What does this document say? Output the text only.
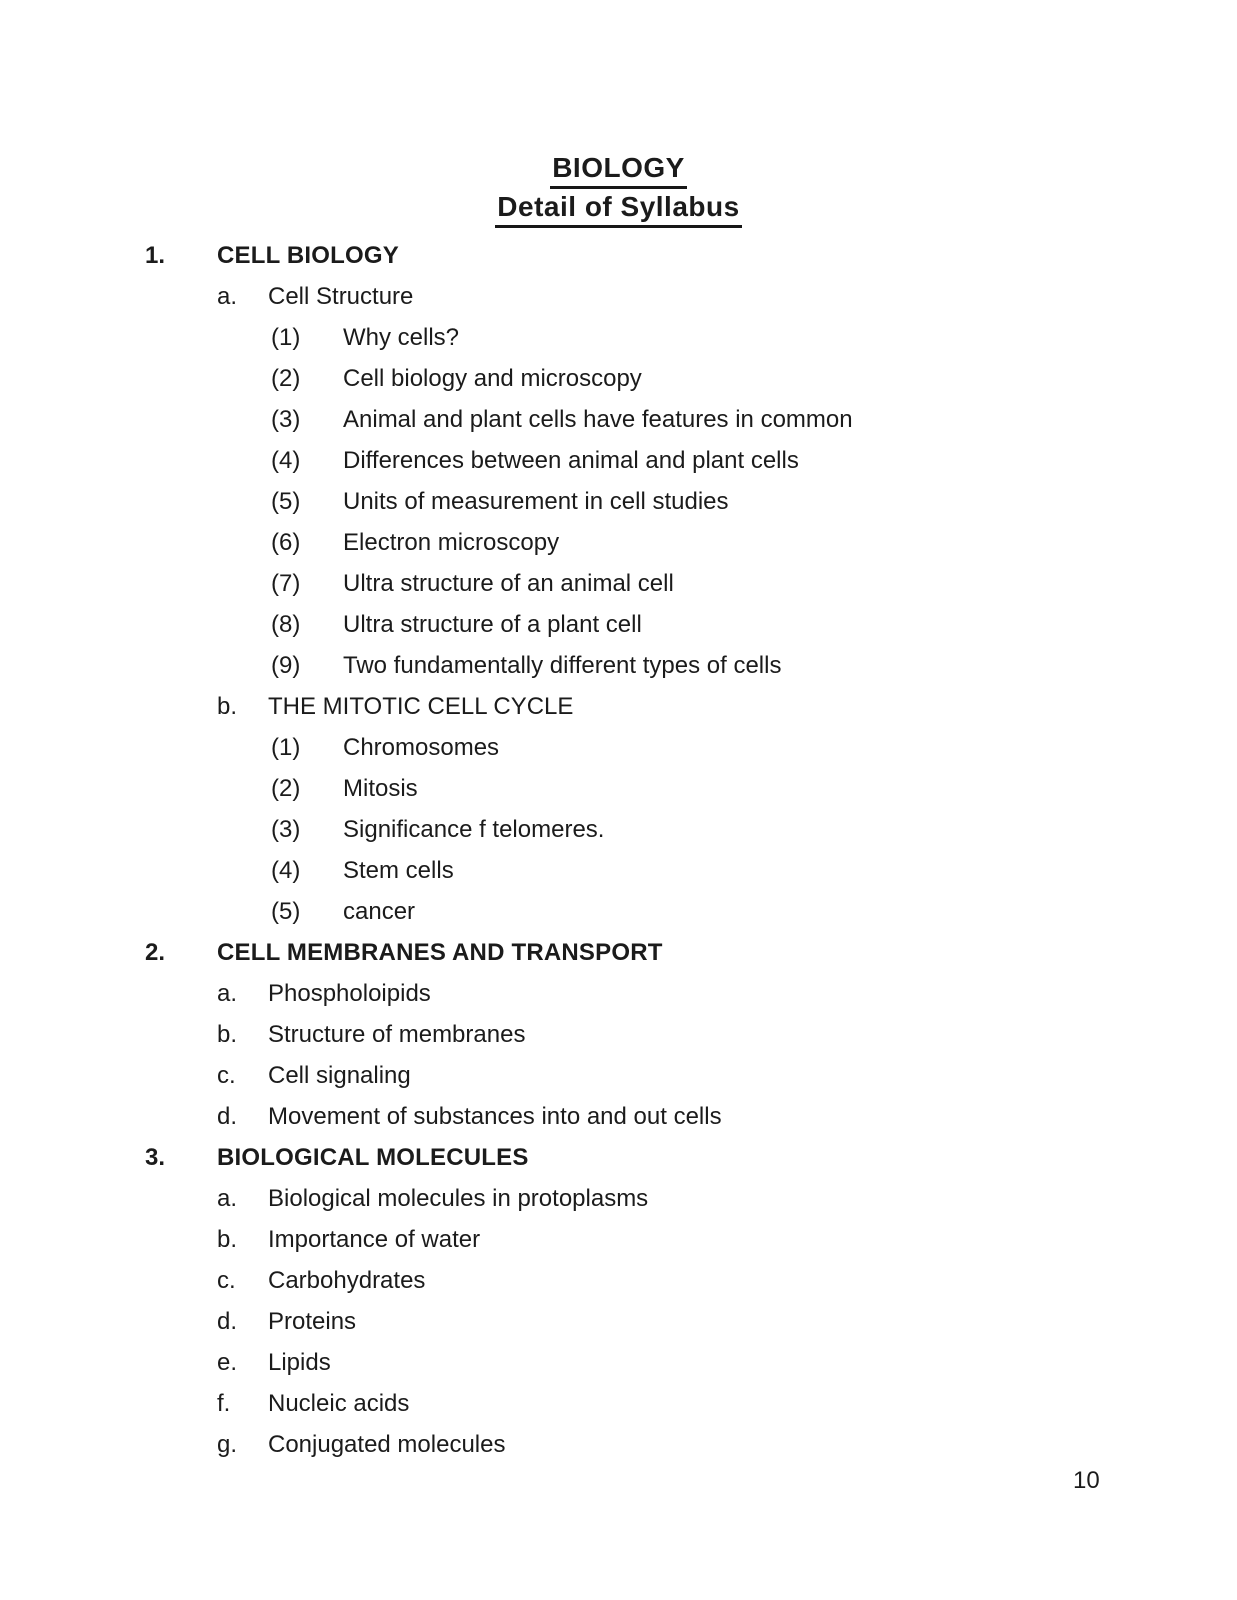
BIOLOGY
Detail of Syllabus
1.	CELL BIOLOGY
a.	Cell Structure
(1)	Why cells?
(2)	Cell biology and microscopy
(3)	Animal and plant cells have features in common
(4)	Differences between animal and plant cells
(5)	Units of measurement in cell studies
(6)	Electron microscopy
(7)	Ultra structure of an animal cell
(8)	Ultra structure of a plant cell
(9)	Two fundamentally different types of cells
b.	THE MITOTIC CELL CYCLE
(1)	Chromosomes
(2)	Mitosis
(3)	Significance f telomeres.
(4)	Stem cells
(5)	cancer
2.	CELL MEMBRANES AND TRANSPORT
a.	Phospholoipids
b.	Structure of membranes
c.	Cell signaling
d.	Movement of substances into and out cells
3.	BIOLOGICAL MOLECULES
a.	Biological molecules in protoplasms
b.	Importance of water
c.	Carbohydrates
d.	Proteins
e.	Lipids
f.	Nucleic acids
g.	Conjugated molecules
10
